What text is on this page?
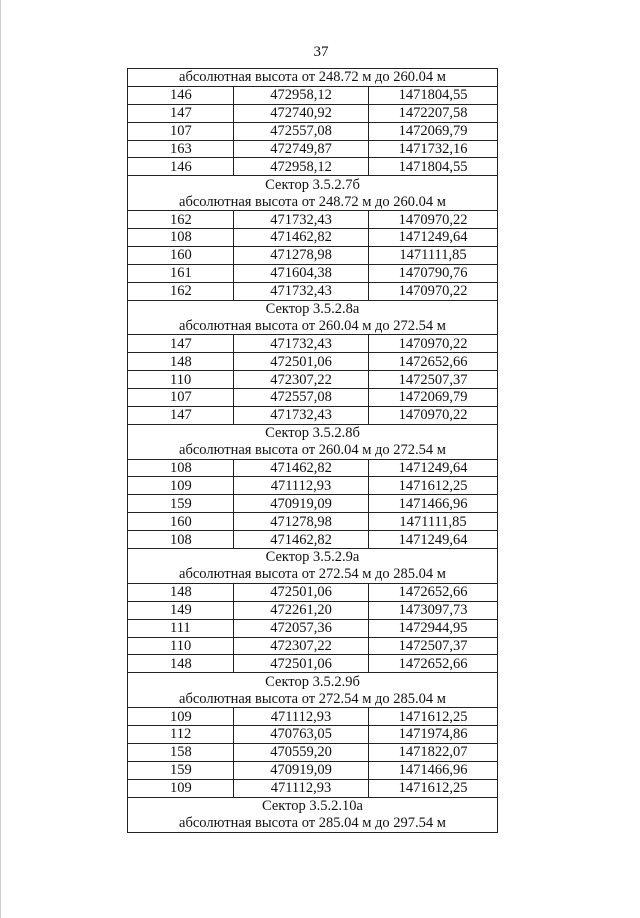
37
абсолютная высота от 248.72 м до 260.04 м		
146	472958,12	1471804,55
147	472740,92	1472207,58
107	472557,08	1472069,79
163	472749,87	1471732,16
146	472958,12	1471804,55
Сектор 3.5.2.7б		
абсолютная высота от 248.72 м до 260.04 м		
162	471732,43	1470970,22
108	471462,82	1471249,64
160	471278,98	1471111,85
161	471604,38	1470790,76
162	471732,43	1470970,22
Сектор 3.5.2.8а		
абсолютная высота от 260.04 м до 272.54 м		
147	471732,43	1470970,22
148	472501,06	1472652,66
110	472307,22	1472507,37
107	472557,08	1472069,79
147	471732,43	1470970,22
Сектор 3.5.2.8б		
абсолютная высота от 260.04 м до 272.54 м		
108	471462,82	1471249,64
109	471112,93	1471612,25
159	470919,09	1471466,96
160	471278,98	1471111,85
108	471462,82	1471249,64
Сектор 3.5.2.9а		
абсолютная высота от 272.54 м до 285.04 м		
148	472501,06	1472652,66
149	472261,20	1473097,73
111	472057,36	1472944,95
110	472307,22	1472507,37
148	472501,06	1472652,66
Сектор 3.5.2.9б		
абсолютная высота от 272.54 м до 285.04 м		
109	471112,93	1471612,25
112	470763,05	1471974,86
158	470559,20	1471822,07
159	470919,09	1471466,96
109	471112,93	1471612,25
Сектор 3.5.2.10а		
абсолютная высота от 285.04 м до 297.54 м		
